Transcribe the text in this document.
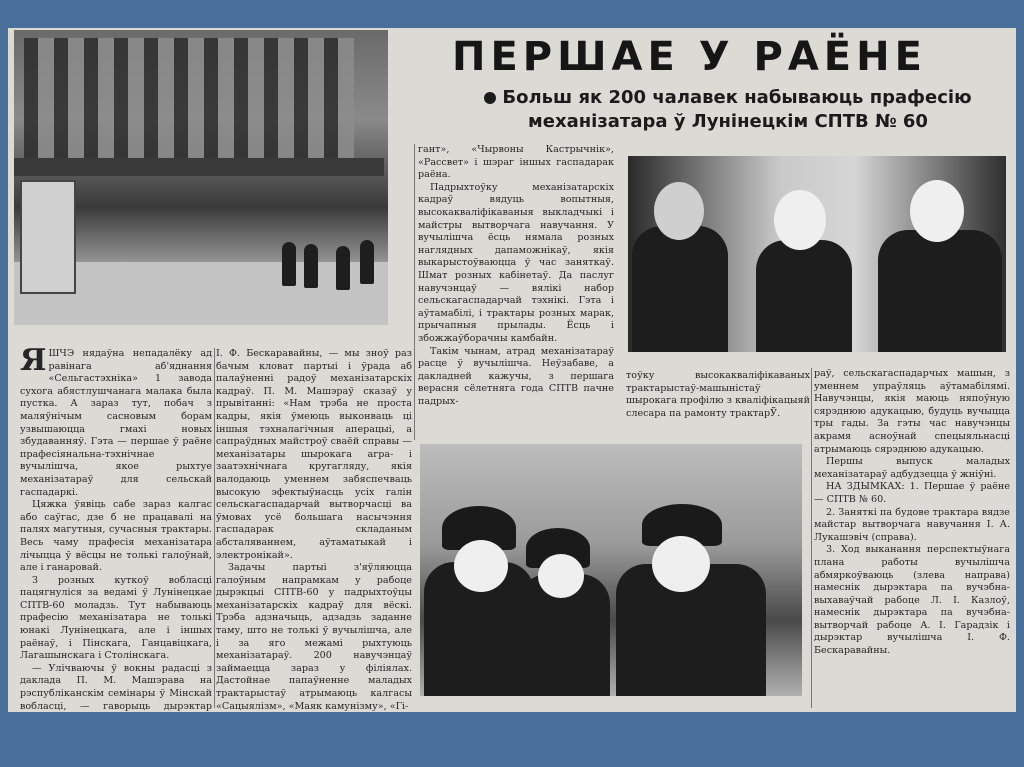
ПЕРШАЕ У РАЁНЕ

Больш як 200 чалавек набываюць прафесію механізатара ў Лунінецкім СПТВ № 60

ЯШЧЭ нядаўна непадалёку ад равінага аб'яднання «Сельгастэхніка» 1 завода сухога абястлушчанага малака была пустка. А зараз тут, побач з маляўнічым сасновым борам узвышаюцца гмахі новых збудаванняў. Гэта — першае ў раёне прафесіянальна-тэхнічнае вучылішча, якое рыхтуе механізатараў для сельскай гаспадаркі.

Цяжка ўявіць сабе зараз калгас або саўгас, дзе б не працавалі на палях магутныя, сучасныя трактары. Весь чаму прафесія механізатара лічыцца ў вёсцы не толькі галоўнай, але і ганаровай.

З розных куткоў вобласці пацягнуліся за ведамі ў Лунінецкае СПТВ-60 моладзь. Тут набываюць прафесію механізатара не толькі юнакі Лунінецкага, але і іншых раёнаў, і Пінскага, Ганцавіцкага, Лагашынскага і Столінскага.

— Улічваючы ў вокны радасці з даклада П. М. Машэрава на рэспубліканскім семінары ў Мінскай вобласці, — гаворыць дырэктар

І. Ф. Бескаравайны, — мы зноў раз бачым кловат партыі і ўрада аб палаўненні радоў механізатарскіх кадраў. П. М. Машэраў сказаў у прывітанні: «Нам трэба не проста кадры, якія ўмеюць выконваць ці іншыя тэхналагічныя аперацыі, а сапраўдных майстроў сваёй справы — механізатары шырокага агра- і заатэхнічнага кругагляду, якія валодаюць уменнем забяспечваць высокую эфектыўнасць усіх галін сельскагаспадарчай вытворчасці ва ўмовах усё большага насычэння гаспадарак складаным абсталяваннем, аўтаматыкай і электронікай».

Задачы партыі з'яўляюцца галоўным напрамкам у рабоце дырэкцыі СПТВ-60 у падрыхтоўцы механізатарскіх кадраў для вёскі. Трэба адзначыць, адзадзь заданне таму, што не толькі ў вучылішча, але і за яго межамі рыхтуюць механізатараў. 200 навучэнцаў займаецца зараз у філіялах. Дастойнае папаўненне маладых трактарыстаў атрымаюць калгасы «Сацыялізм», «Маяк камунізму», «Гі-

гант», «Чырвоны Кастрычнік», «Рассвет» і шэраг іншых гаспадарак раёна.

Падрыхтоўку механізатарскіх кадраў вядуць вопытныя, высокакваліфікаваныя выкладчыкі і майстры вытворчага навучання. У вучылішча ёсць нямала розных наглядных дапаможнікаў, якія выкарыстоўваюцца ў час заняткаў. Шмат розных кабінетаў. Да паслуг навучэнцаў — вялікі набор сельскагаспадарчай тэхнікі. Гэта і аўтамабілі, і трактары розных марак, прычапныя прылады. Ёсць і збожжаўборачны камбайн.

Такім чынам, атрад механізатараў расце ў вучылішча. Неўзабаве, а дакладней кажучы, з першага верасня сёлетняга года СПТВ пачне падрых-

тоўку высокакваліфікаваных трактарыстаў-машыністаў шырокага профілю з кваліфікацыяй слесара па рамонту трактарЎ.

раў, сельскагаспадарчых машын, з уменнем упраўляць аўтамабілямі. Навучэнцы, якія маюць няпоўную сярэднюю адукацыю, будуць вучыцца тры гады. За гэты час навучэнцы акрамя асноўнай спецыяльнасці атрымаюць сярэднюю адукацыю.

Першы выпуск маладых механізатараў адбудзецца ў жніўні.

НА ЗДЫМКАХ: 1. Першае ў раёне — СПТВ № 60.

2. Заняткі па будове трактара вядзе майстар вытворчага навучання І. А. Лукашэвіч (справа).

3. Ход выканання перспектыўнага плана работы вучылішча абмяркоўваюць (злева направа) намеснік дырэктара па вучэбна-выхаваўчай рабоце Л. І. Казлоў, намеснік дырэктара па вучэбна-вытворчай рабоце А. І. Гарадзік і дырэктар вучылішча І. Ф. Бескаравайны.
